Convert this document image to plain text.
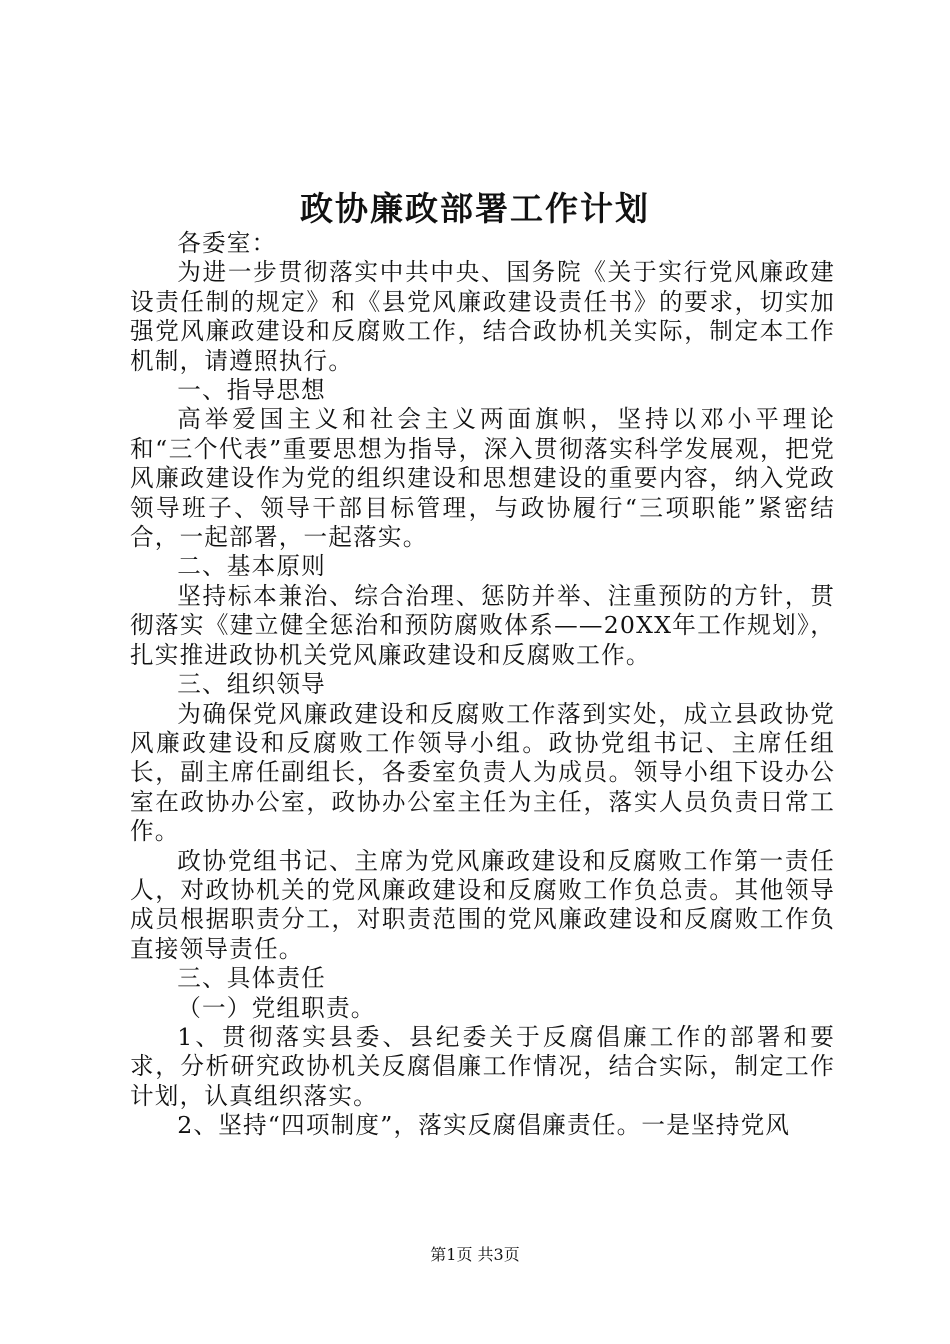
政协廉政部署工作计划

各委室：

为进一步贯彻落实中共中央、国务院《关于实行党风廉政建设责任制的规定》和《县党风廉政建设责任书》的要求，切实加强党风廉政建设和反腐败工作，结合政协机关实际，制定本工作机制，请遵照执行。

一、指导思想

高举爱国主义和社会主义两面旗帜，坚持以邓小平理论和“三个代表”重要思想为指导，深入贯彻落实科学发展观，把党风廉政建设作为党的组织建设和思想建设的重要内容，纳入党政领导班子、领导干部目标管理，与政协履行“三项职能”紧密结合，一起部署，一起落实。

二、基本原则

坚持标本兼治、综合治理、惩防并举、注重预防的方针，贯彻落实《建立健全惩治和预防腐败体系——20XX年工作规划》，扎实推进政协机关党风廉政建设和反腐败工作。

三、组织领导

为确保党风廉政建设和反腐败工作落到实处，成立县政协党风廉政建设和反腐败工作领导小组。政协党组书记、主席任组长，副主席任副组长，各委室负责人为成员。领导小组下设办公室在政协办公室，政协办公室主任为主任，落实人员负责日常工作。

政协党组书记、主席为党风廉政建设和反腐败工作第一责任人，对政协机关的党风廉政建设和反腐败工作负总责。其他领导成员根据职责分工，对职责范围的党风廉政建设和反腐败工作负直接领导责任。

三、具体责任

（一）党组职责。

1、贯彻落实县委、县纪委关于反腐倡廉工作的部署和要求，分析研究政协机关反腐倡廉工作情况，结合实际，制定工作计划，认真组织落实。

2、坚持“四项制度”，落实反腐倡廉责任。一是坚持党风

第1页 共3页
